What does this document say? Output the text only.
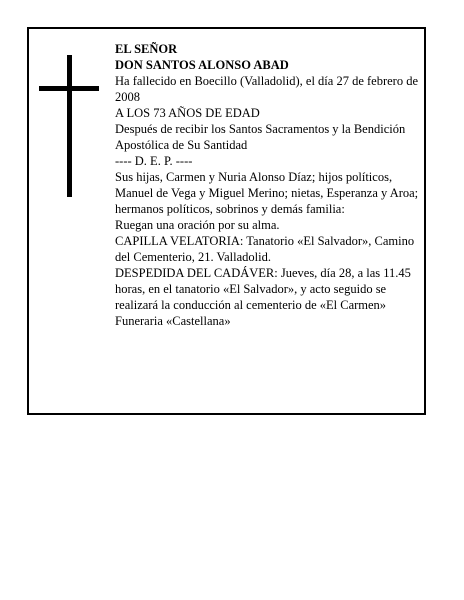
EL SEÑOR

DON SANTOS ALONSO ABAD

Ha fallecido en Boecillo (Valladolid), el día 27 de febrero de 2008

A LOS 73 AÑOS DE EDAD

Después de recibir los Santos Sacramentos y la Bendición Apostólica de Su Santidad

---- D. E. P. ----

Sus hijas, Carmen y Nuria Alonso Díaz; hijos políticos, Manuel de Vega y Miguel Merino; nietas, Esperanza y Aroa; hermanos políticos, sobrinos y demás familia:

Ruegan una oración por su alma.

CAPILLA VELATORIA: Tanatorio «El Salvador», Camino del Cementerio, 21. Valladolid.

DESPEDIDA DEL CADÁVER: Jueves, día 28, a las 11.45 horas, en el tanatorio «El Salvador», y acto seguido se realizará la conducción al cementerio de «El Carmen»

Funeraria «Castellana»
